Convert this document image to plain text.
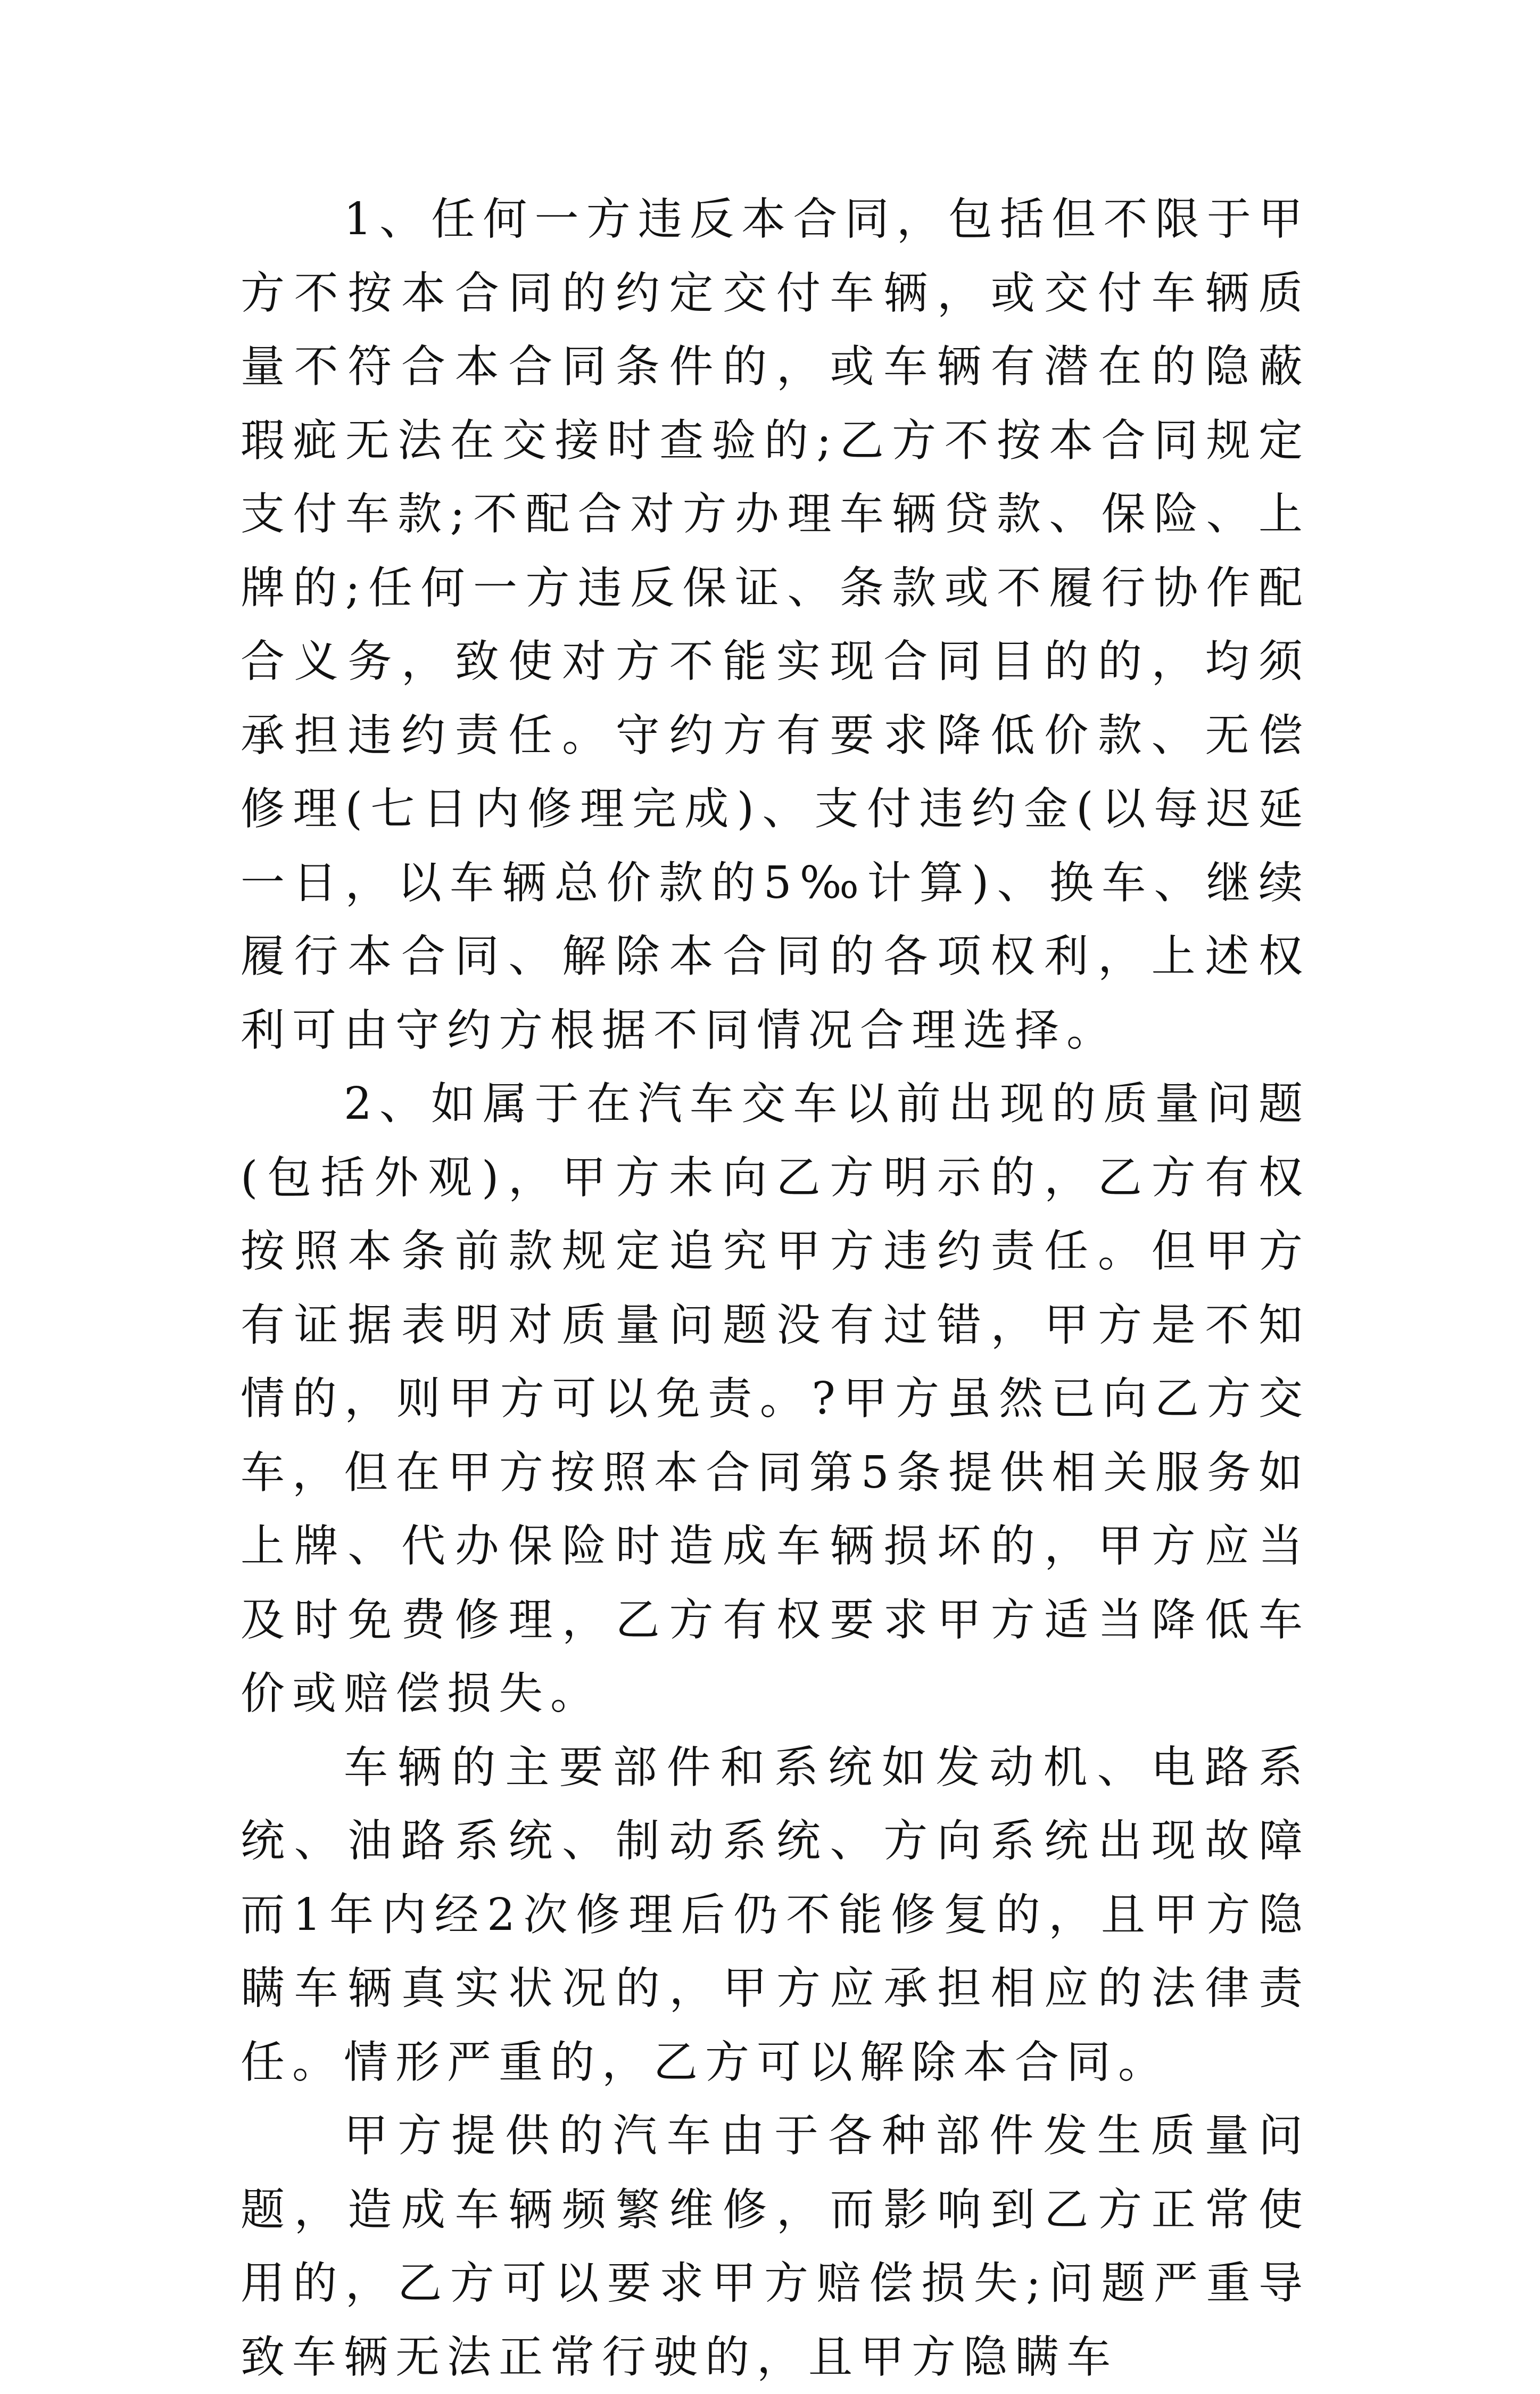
1、任何一方违反本合同，包括但不限于甲方不按本合同的约定交付车辆，或交付车辆质量不符合本合同条件的，或车辆有潜在的隐蔽瑕疵无法在交接时查验的;乙方不按本合同规定支付车款;不配合对方办理车辆贷款、保险、上牌的;任何一方违反保证、条款或不履行协作配合义务，致使对方不能实现合同目的的，均须承担违约责任。守约方有要求降低价款、无偿修理(七日内修理完成)、支付违约金(以每迟延一日，以车辆总价款的5‰计算)、换车、继续履行本合同、解除本合同的各项权利，上述权利可由守约方根据不同情况合理选择。

2、如属于在汽车交车以前出现的质量问题(包括外观)，甲方未向乙方明示的，乙方有权按照本条前款规定追究甲方违约责任。但甲方有证据表明对质量问题没有过错，甲方是不知情的，则甲方可以免责。?甲方虽然已向乙方交车，但在甲方按照本合同第5条提供相关服务如上牌、代办保险时造成车辆损坏的，甲方应当及时免费修理，乙方有权要求甲方适当降低车价或赔偿损失。

车辆的主要部件和系统如发动机、电路系统、油路系统、制动系统、方向系统出现故障而1年内经2次修理后仍不能修复的，且甲方隐瞒车辆真实状况的，甲方应承担相应的法律责任。情形严重的，乙方可以解除本合同。

甲方提供的汽车由于各种部件发生质量问题，造成车辆频繁维修，而影响到乙方正常使用的，乙方可以要求甲方赔偿损失;问题严重导致车辆无法正常行驶的，且甲方隐瞒车
